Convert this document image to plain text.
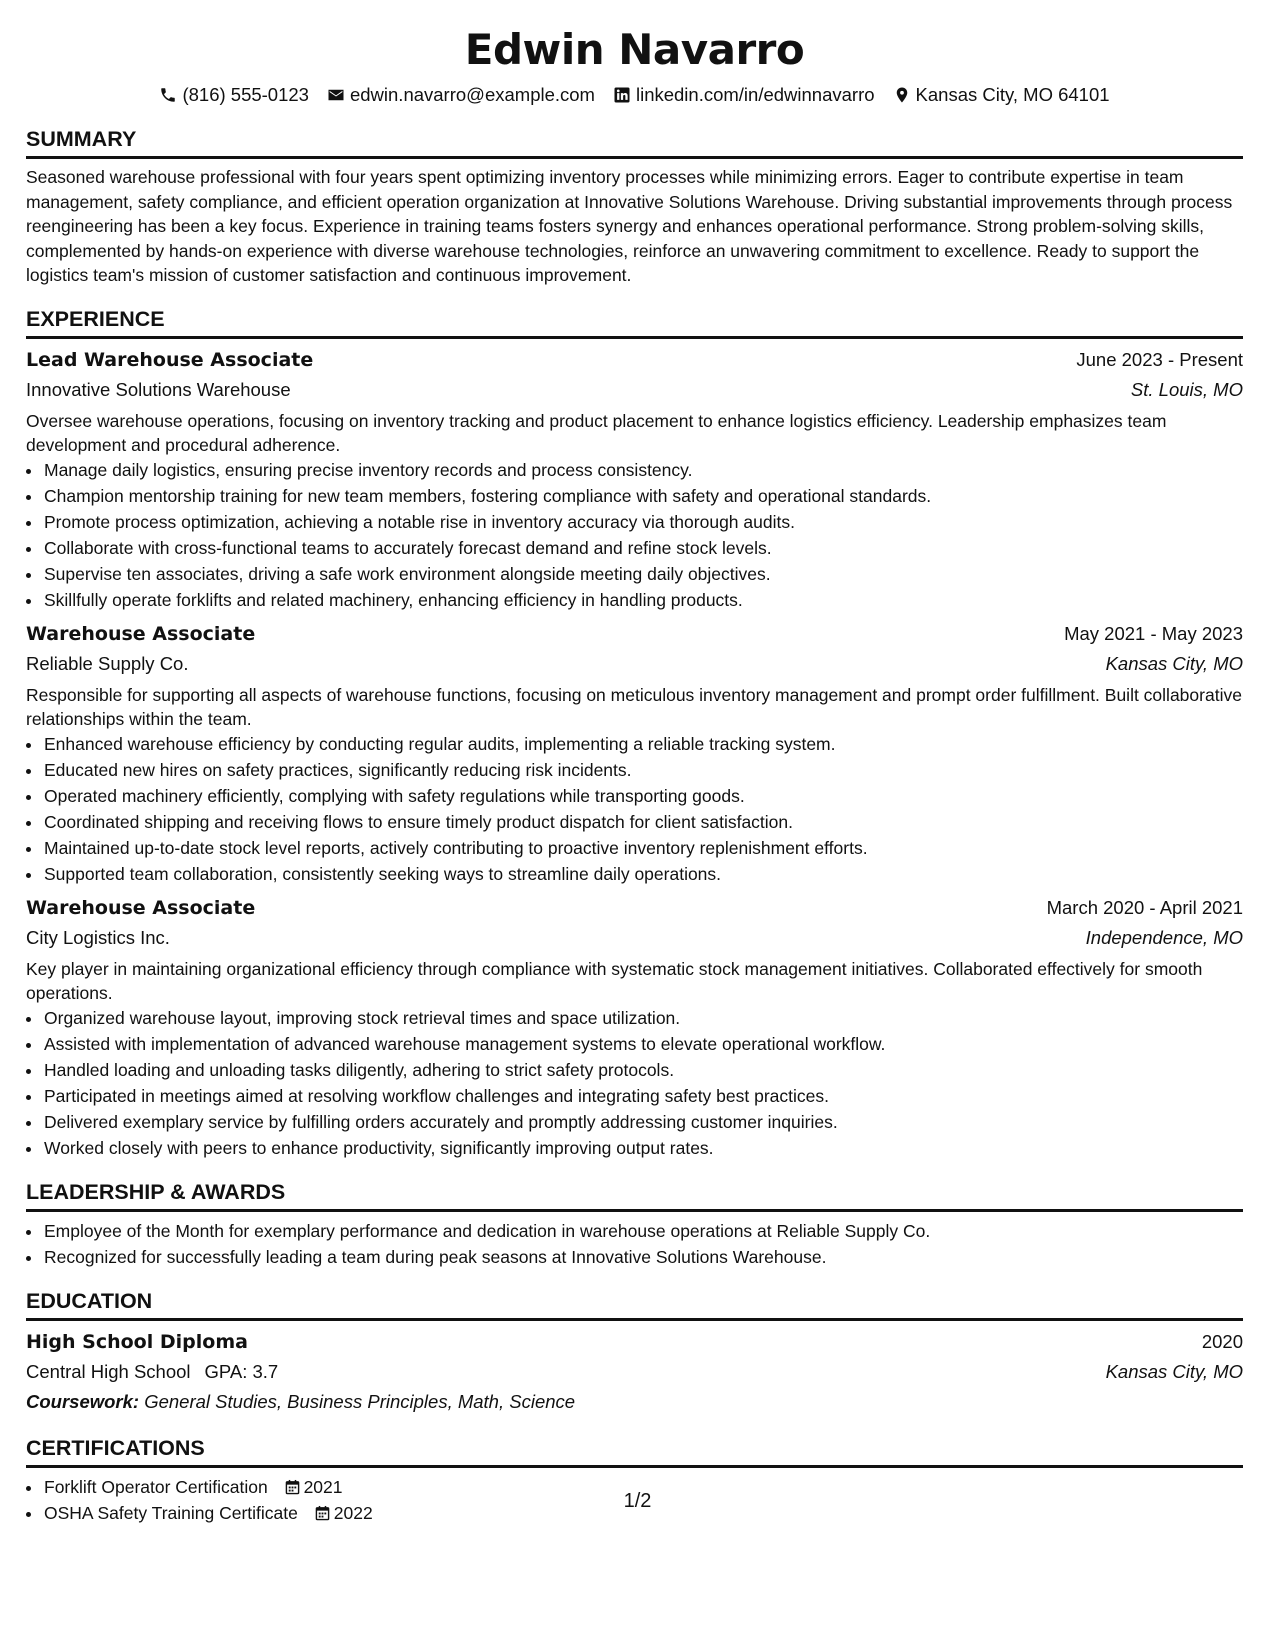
Edwin Navarro
(816) 555-0123 edwin.navarro@example.com linkedin.com/in/edwinnavarro Kansas City, MO 64101
SUMMARY

Seasoned warehouse professional with four years spent optimizing inventory processes while minimizing errors. Eager to contribute expertise in team management, safety compliance, and efficient operation organization at Innovative Solutions Warehouse. Driving substantial improvements through process reengineering has been a key focus. Experience in training teams fosters synergy and enhances operational performance. Strong problem-solving skills, complemented by hands-on experience with diverse warehouse technologies, reinforce an unwavering commitment to excellence. Ready to support the logistics team's mission of customer satisfaction and continuous improvement.

EXPERIENCE
Lead Warehouse Associate	June 2023 - Present
Innovative Solutions Warehouse	St. Louis, MO
Oversee warehouse operations, focusing on inventory tracking and product placement to enhance logistics efficiency. Leadership emphasizes team development and procedural adherence.
• Manage daily logistics, ensuring precise inventory records and process consistency.
• Champion mentorship training for new team members, fostering compliance with safety and operational standards.
• Promote process optimization, achieving a notable rise in inventory accuracy via thorough audits.
• Collaborate with cross-functional teams to accurately forecast demand and refine stock levels.
• Supervise ten associates, driving a safe work environment alongside meeting daily objectives.
• Skillfully operate forklifts and related machinery, enhancing efficiency in handling products.
Warehouse Associate	May 2021 - May 2023
Reliable Supply Co.	Kansas City, MO
Responsible for supporting all aspects of warehouse functions, focusing on meticulous inventory management and prompt order fulfillment. Built collaborative relationships within the team.
• Enhanced warehouse efficiency by conducting regular audits, implementing a reliable tracking system.
• Educated new hires on safety practices, significantly reducing risk incidents.
• Operated machinery efficiently, complying with safety regulations while transporting goods.
• Coordinated shipping and receiving flows to ensure timely product dispatch for client satisfaction.
• Maintained up-to-date stock level reports, actively contributing to proactive inventory replenishment efforts.
• Supported team collaboration, consistently seeking ways to streamline daily operations.
Warehouse Associate	March 2020 - April 2021
City Logistics Inc.	Independence, MO
Key player in maintaining organizational efficiency through compliance with systematic stock management initiatives. Collaborated effectively for smooth operations.
• Organized warehouse layout, improving stock retrieval times and space utilization.
• Assisted with implementation of advanced warehouse management systems to elevate operational workflow.
• Handled loading and unloading tasks diligently, adhering to strict safety protocols.
• Participated in meetings aimed at resolving workflow challenges and integrating safety best practices.
• Delivered exemplary service by fulfilling orders accurately and promptly addressing customer inquiries.
• Worked closely with peers to enhance productivity, significantly improving output rates.
LEADERSHIP & AWARDS
• Employee of the Month for exemplary performance and dedication in warehouse operations at Reliable Supply Co.
• Recognized for successfully leading a team during peak seasons at Innovative Solutions Warehouse.
EDUCATION
High School Diploma	2020
Central High School GPA: 3.7	Kansas City, MO
Coursework: General Studies, Business Principles, Math, Science
CERTIFICATIONS
• Forklift Operator Certification 2021
• OSHA Safety Training Certificate 2022
1/2
